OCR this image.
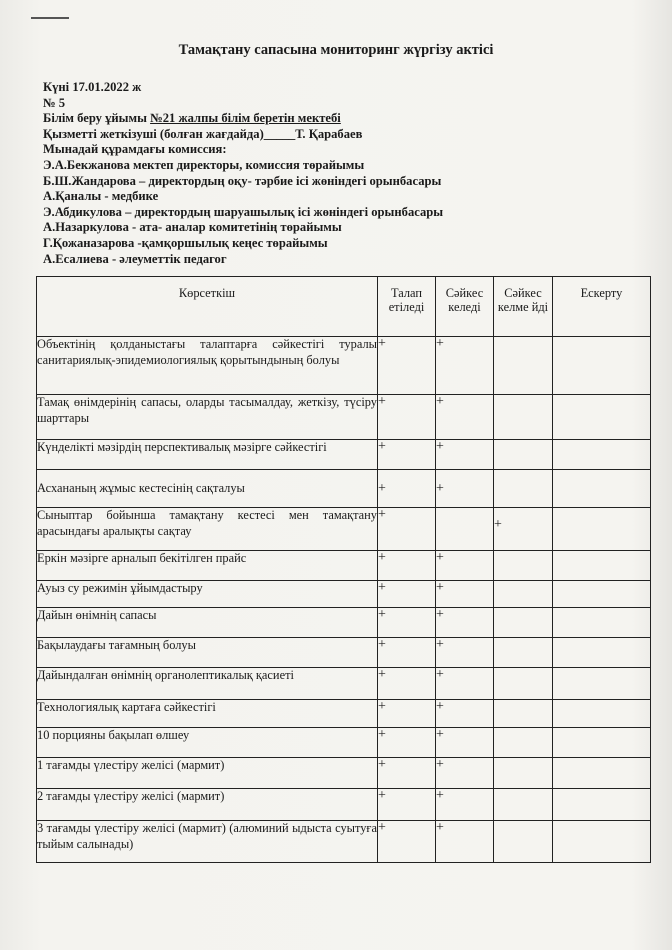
Тамақтану сапасына мониторинг жүргізу актісі
Күні 17.01.2022 ж
№ 5
Білім беру ұйымы №21 жалпы білім беретін мектебі
Қызметті жеткізуші (болған жағдайда)_____Т. Қарабаев
Мынадай құрамдағы комиссия:
Э.А.Бекжанова мектеп директоры, комиссия төрайымы
Б.Ш.Жандарова – директордың оқу- тәрбие ісі жөніндегі орынбасары
А.Қаналы - медбике
Э.Абдикулова – директордың шаруашылық ісі жөніндегі орынбасары
А.Назаркулова - ата- аналар комитетінің төрайымы
Г.Қожаназарова -қамқоршылық кеңес төрайымы
А.Есалиева - әлеуметтік педагог
Көрсеткіш	Талап етіледі	Сәйкес келеді	Сәйкес келме йді	Ескерту
Объектінің қолданыстағы талаптарға сәйкестігі туралы санитариялық-эпидемиологиялық қорытындының болуы	+	+		
Тамақ өнімдерінің сапасы, оларды тасымалдау, жеткізу, түсіру шарттары	+	+		
Күнделікті мәзірдің перспективалық мәзірге сәйкестігі	+	+		
Асхананың жұмыс кестесінің сақталуы	+	+		
Сыныптар бойынша тамақтану кестесі мен тамақтану арасындағы аралықты сақтау	+		+	
Еркін мәзірге арналып бекітілген прайс	+	+		
Ауыз су режимін ұйымдастыру	+	+		
Дайын өнімнің сапасы	+	+		
Бақылаудағы тағамның болуы	+	+		
Дайындалған өнімнің органолептикалық қасиеті	+	+		
Технологиялық картаға сәйкестігі	+	+		
10 порцияны бақылап өлшеу	+	+		
1 тағамды үлестіру желісі (мармит)	+	+		
2 тағамды үлестіру желісі (мармит)	+	+		
3 тағамды үлестіру желісі (мармит) (алюминий ыдыста суытуға тыйым салынады)	+	+		
